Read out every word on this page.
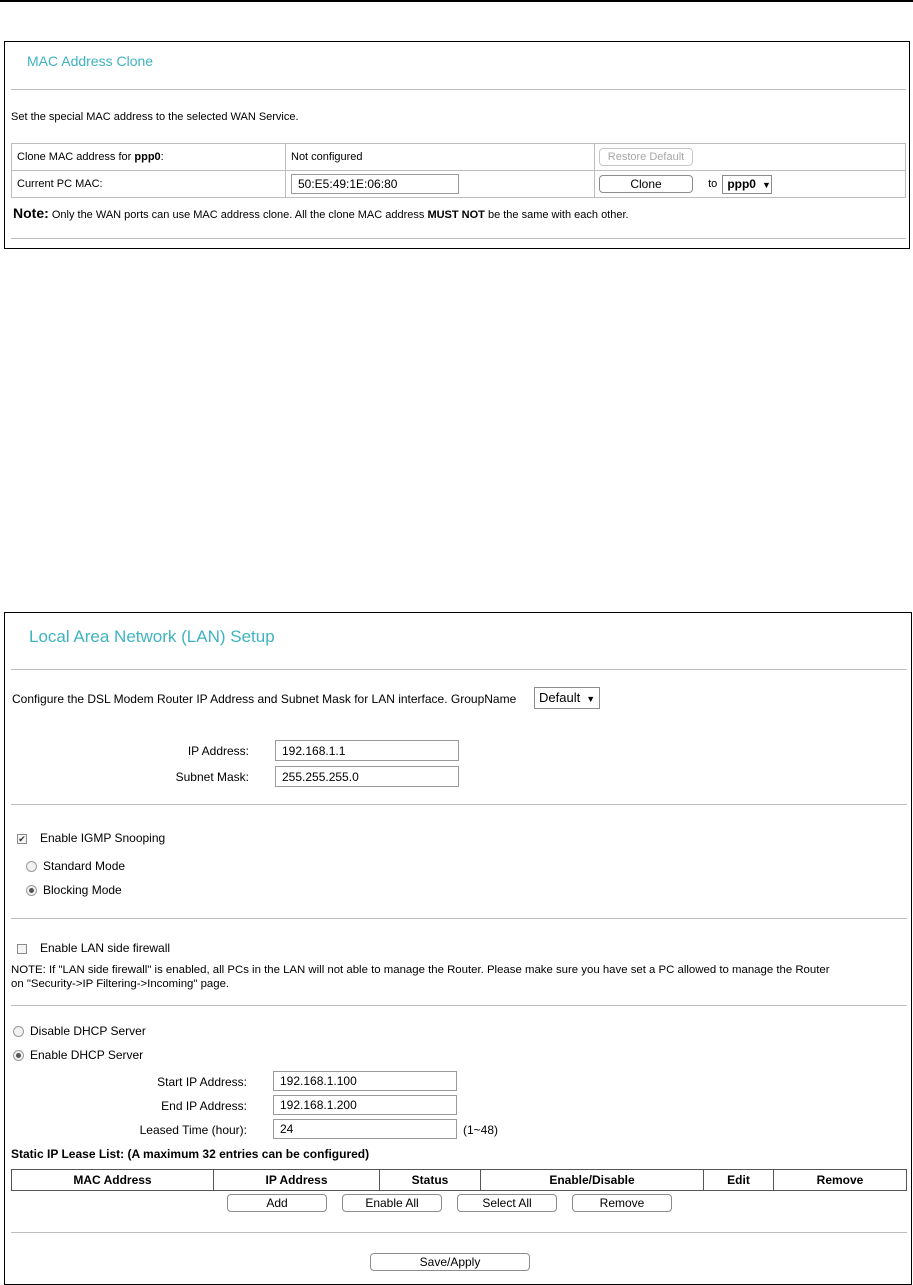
MAC Address Clone
Set the special MAC address to the selected WAN Service.
Clone MAC address for ppp0:	Not configured	Restore Default
Current PC MAC:	50:E5:49:1E:06:80	Clone to ppp0 ▼
Note: Only the WAN ports can use MAC address clone. All the clone MAC address MUST NOT be the same with each other.
Local Area Network (LAN) Setup
Configure the DSL Modem Router IP Address and Subnet Mask for LAN interface. GroupName	Default ▼
IP Address:
192.168.1.1
Subnet Mask:
255.255.255.0
✔ Enable IGMP Snooping
Standard Mode
Blocking Mode
Enable LAN side firewall
NOTE: If "LAN side firewall" is enabled, all PCs in the LAN will not able to manage the Router. Please make sure you have set a PC allowed to manage the Router
on "Security->IP Filtering->Incoming" page.
Disable DHCP Server
Enable DHCP Server
Start IP Address:
192.168.1.100
End IP Address:
192.168.1.200
Leased Time (hour):
24	(1~48)
Static IP Lease List: (A maximum 32 entries can be configured)
MAC Address	IP Address	Status	Enable/Disable	Edit	Remove
Add	Enable All	Select All	Remove
Save/Apply
